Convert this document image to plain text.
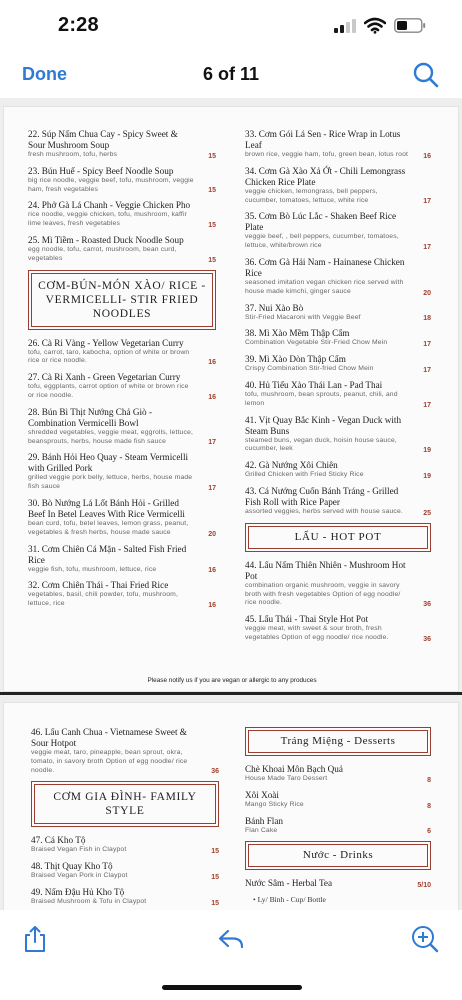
2:28
Done	6 of 11
22. Súp Nấm Chua Cay - Spicy Sweet & Sour Mushroom Soup
fresh mushroom, tofu, herbs	15
23. Bún Huế - Spicy Beef Noodle Soup
big rice noodle, veggie beef, tofu, mushroom, veggie ham, fresh vegetables	15
24. Phở Gà Lá Chanh - Veggie Chicken Pho
rice noodle, veggie chicken, tofu, mushroom, kaffir lime leaves, fresh vegetables	15
25. Mì Tiềm - Roasted Duck Noodle Soup
egg noodle, tofu, carrot, mushroom, bean curd, vegetables	15
CƠM-BÚN-MÓN XÀO/ RICE - VERMICELLI- STIR FRIED NOODLES
26. Cà Ri Vàng - Yellow Vegetarian Curry
tofu, carrot, taro, kabocha, option of white or brown rice or rice noodle.	16
27. Cà Ri Xanh - Green Vegetarian Curry
tofu, eggplants, carrot option of white or brown rice or rice noodle.	16
28. Bún Bì Thịt Nướng Chả Giò - Combination Vermicelli Bowl
shredded vegetables, veggie meat, eggrolls, lettuce, beansprouts, herbs, house made fish sauce	17
29. Bánh Hỏi Heo Quay - Steam Vermicelli with Grilled Pork
grilled veggie pork belly, lettuce, herbs, house made fish sauce	17
30. Bò Nướng Lá Lốt Bánh Hỏi - Grilled Beef In Betel Leaves With Rice Vermicelli
bean curd, tofu, betel leaves, lemon grass, peanut, vegetables & fresh herbs, house made sauce	20
31. Cơm Chiên Cá Mặn - Salted Fish Fried Rice
veggie fish, tofu, mushroom, lettuce, rice	16
32. Cơm Chiên Thái - Thai Fried Rice
vegetables, basil, chili powder, tofu, mushroom, lettuce, rice	16
33. Cơm Gói Lá Sen - Rice Wrap in Lotus Leaf
brown rice, veggie ham, tofu, green bean, lotus root 16
34. Cơm Gà Xào Xả Ớt - Chili Lemongrass Chicken Rice Plate
veggie chicken, lemongrass, bell peppers, cucumber, tomatoes, lettuce, white rice	17
35. Cơm Bò Lúc Lắc - Shaken Beef Rice Plate
veggie beef, , bell peppers, cucumber, tomatoes, lettuce, white/brown rice	17
36. Cơm Gà Hải Nam - Hainanese Chicken Rice
seasoned imitation vegan chicken rice served with house made kimchi, ginger sauce	20
37. Nui Xào Bò
Stir-Fried Macaroni with Veggie Beef	18
38. Mì Xào Mềm Thập Cẩm
Combination Vegetable Stir-Fried Chow Mein	17
39. Mì Xào Dòn Thập Cẩm
Crispy Combination Stir-fried Chow Mein	17
40. Hủ Tiếu Xào Thái Lan - Pad Thai
tofu, mushroom, bean sprouts, peanut, chili, and lemon	17
41. Vịt Quay Bắc Kinh - Vegan Duck with Steam Buns
steamed buns, vegan duck, hoisin house sauce, cucumber, leek	19
42. Gà Nướng Xôi Chiên
Grilled Chicken with Fried Sticky Rice	19
43. Cá Nướng Cuốn Bánh Tráng - Grilled Fish Roll with Rice Paper
assorted veggies, herbs served with house sauce.	25
LẨU - HOT POT
44. Lẩu Nấm Thiên Nhiên - Mushroom Hot Pot
combination organic mushroom, veggie in savory broth with fresh vegetables Option of egg noodle/ rice noodle.	36
45. Lẩu Thái - Thai Style Hot Pot
veggie meat, with sweet & sour broth, fresh vegetables Option of egg noodle/ rice noodle.	36
Please notify us if you are vegan or allergic to any produces
46. Lẩu Canh Chua - Vietnamese Sweet & Sour Hotpot
veggie meat, taro, pineapple, bean sprout, okra, tomato, in savory broth Option of egg noodle/ rice noodle.	36
CƠM GIA ĐÌNH- FAMILY STYLE
47. Cá Kho Tộ
Braised Vegan Fish in Claypot	15
48. Thịt Quay Kho Tộ
Braised Vegan Pork in Claypot	15
49. Nấm Đậu Hủ Kho Tộ
Braised Mushroom & Tofu in Claypot	15
Tráng Miệng - Desserts
Chè Khoai Môn Bạch Quả
House Made Taro Dessert	8
Xôi Xoài
Mango Sticky Rice	8
Bánh Flan
Flan Cake	6
Nước - Drinks
Nước Sâm - Herbal Tea	5/10
• Ly/ Bình - Cup/ Bottle
